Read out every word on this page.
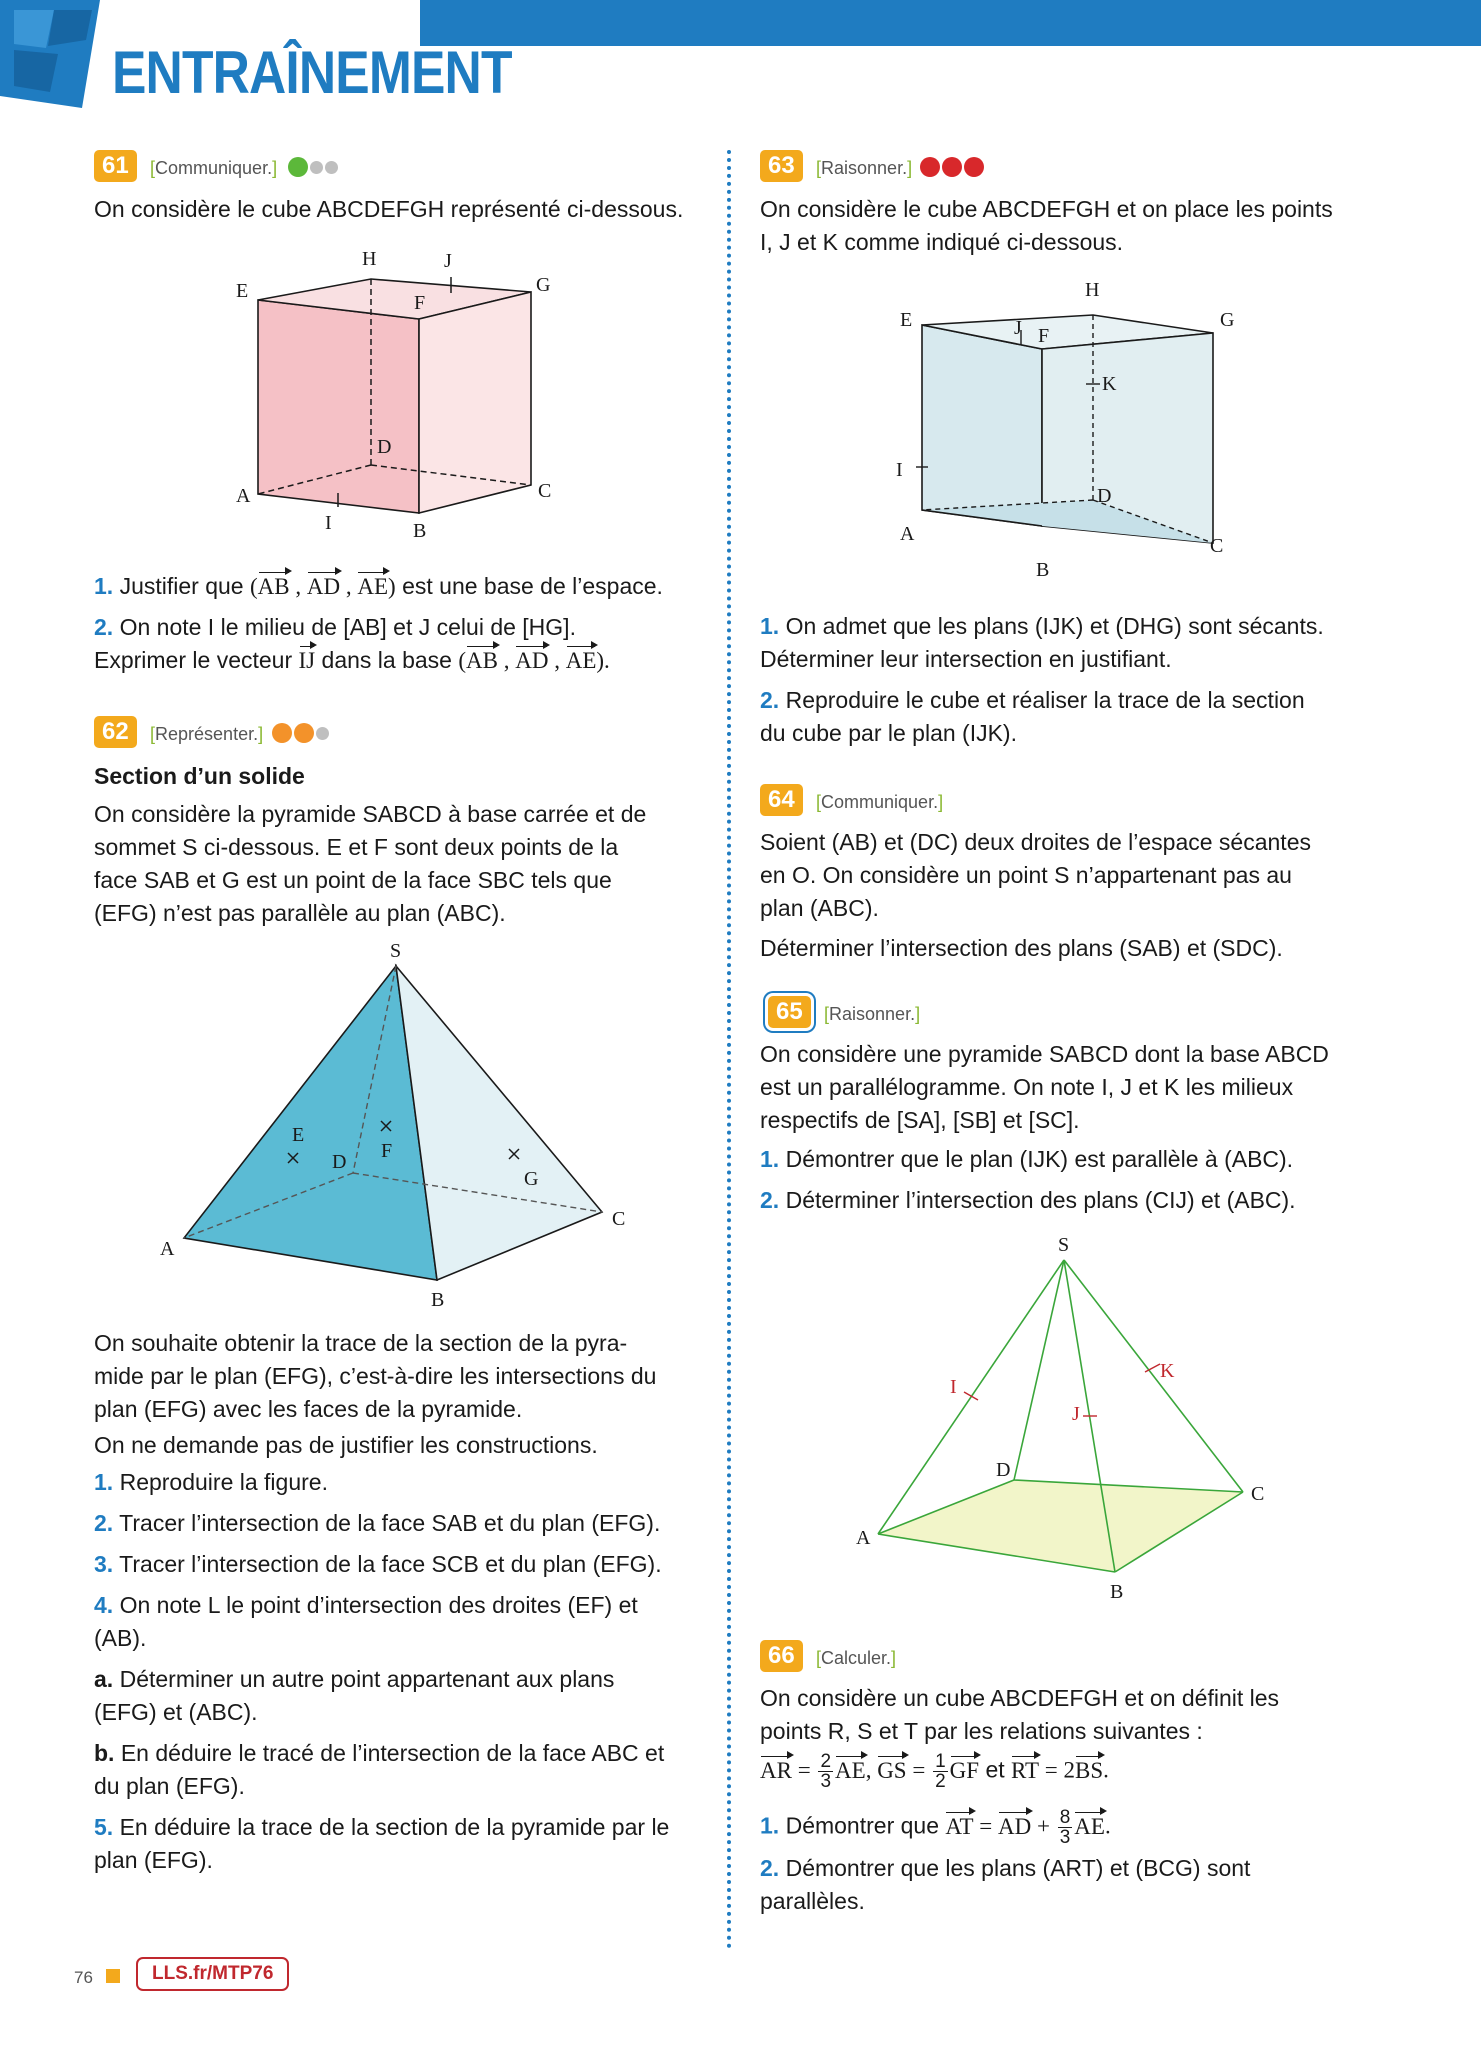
ENTRAÎNEMENT
61	[Communiquer.]
On considère le cube ABCDEFGH représenté ci-dessous.
A
B
C
D
E
F
G
H
I
J
1. Justifier que (AB , AD , AE) est une base de l’espace.
2. On note I le milieu de [AB] et J celui de [HG].
Exprimer le vecteur IJ dans la base (AB , AD , AE).
62	[Représenter.]
Section d’un solide
On considère la pyramide SABCD à base carrée et de
sommet S ci-dessous. E et F sont deux points de la
face SAB et G est un point de la face SBC tels que
(EFG) n’est pas parallèle au plan (ABC).
S
A
B
C
D
E
F
G
On souhaite obtenir la trace de la section de la pyra-
mide par le plan (EFG), c’est-à-dire les intersections du
plan (EFG) avec les faces de la pyramide.
On ne demande pas de justifier les constructions.
1. Reproduire la figure.
2. Tracer l’intersection de la face SAB et du plan (EFG).
3. Tracer l’intersection de la face SCB et du plan (EFG).
4. On note L le point d’intersection des droites (EF) et
(AB).
a. Déterminer un autre point appartenant aux plans
(EFG) et (ABC).
b. En déduire le tracé de l’intersection de la face ABC et
du plan (EFG).
5. En déduire la trace de la section de la pyramide par le
plan (EFG).
63	[Raisonner.]
On considère le cube ABCDEFGH et on place les points
I, J et K comme indiqué ci-dessous.
A
B
C
D
E
F
G
H
I
J
K
1. On admet que les plans (IJK) et (DHG) sont sécants.
Déterminer leur intersection en justifiant.
2. Reproduire le cube et réaliser la trace de la section
du cube par le plan (IJK).
64	[Communiquer.]
Soient (AB) et (DC) deux droites de l’espace sécantes
en O. On considère un point S n’appartenant pas au
plan (ABC).
Déterminer l’intersection des plans (SAB) et (SDC).
65	[Raisonner.]
On considère une pyramide SABCD dont la base ABCD
est un parallélogramme. On note I, J et K les milieux
respectifs de [SA], [SB] et [SC].
1. Démontrer que le plan (IJK) est parallèle à (ABC).
2. Déterminer l’intersection des plans (CIJ) et (ABC).
S
A
B
C
D
I
J
K
66	[Calculer.]
On considère un cube ABCDEFGH et on définit les
points R, S et T par les relations suivantes :
AR = $\frac{2}{3}$ AE, GS = $\frac{1}{2}$ GF et RT = 2BS.
1. Démontrer que AT = AD + $\frac{8}{3}$ AE.
2. Démontrer que les plans (ART) et (BCG) sont
parallèles.
76	LLS.fr/MTP76
